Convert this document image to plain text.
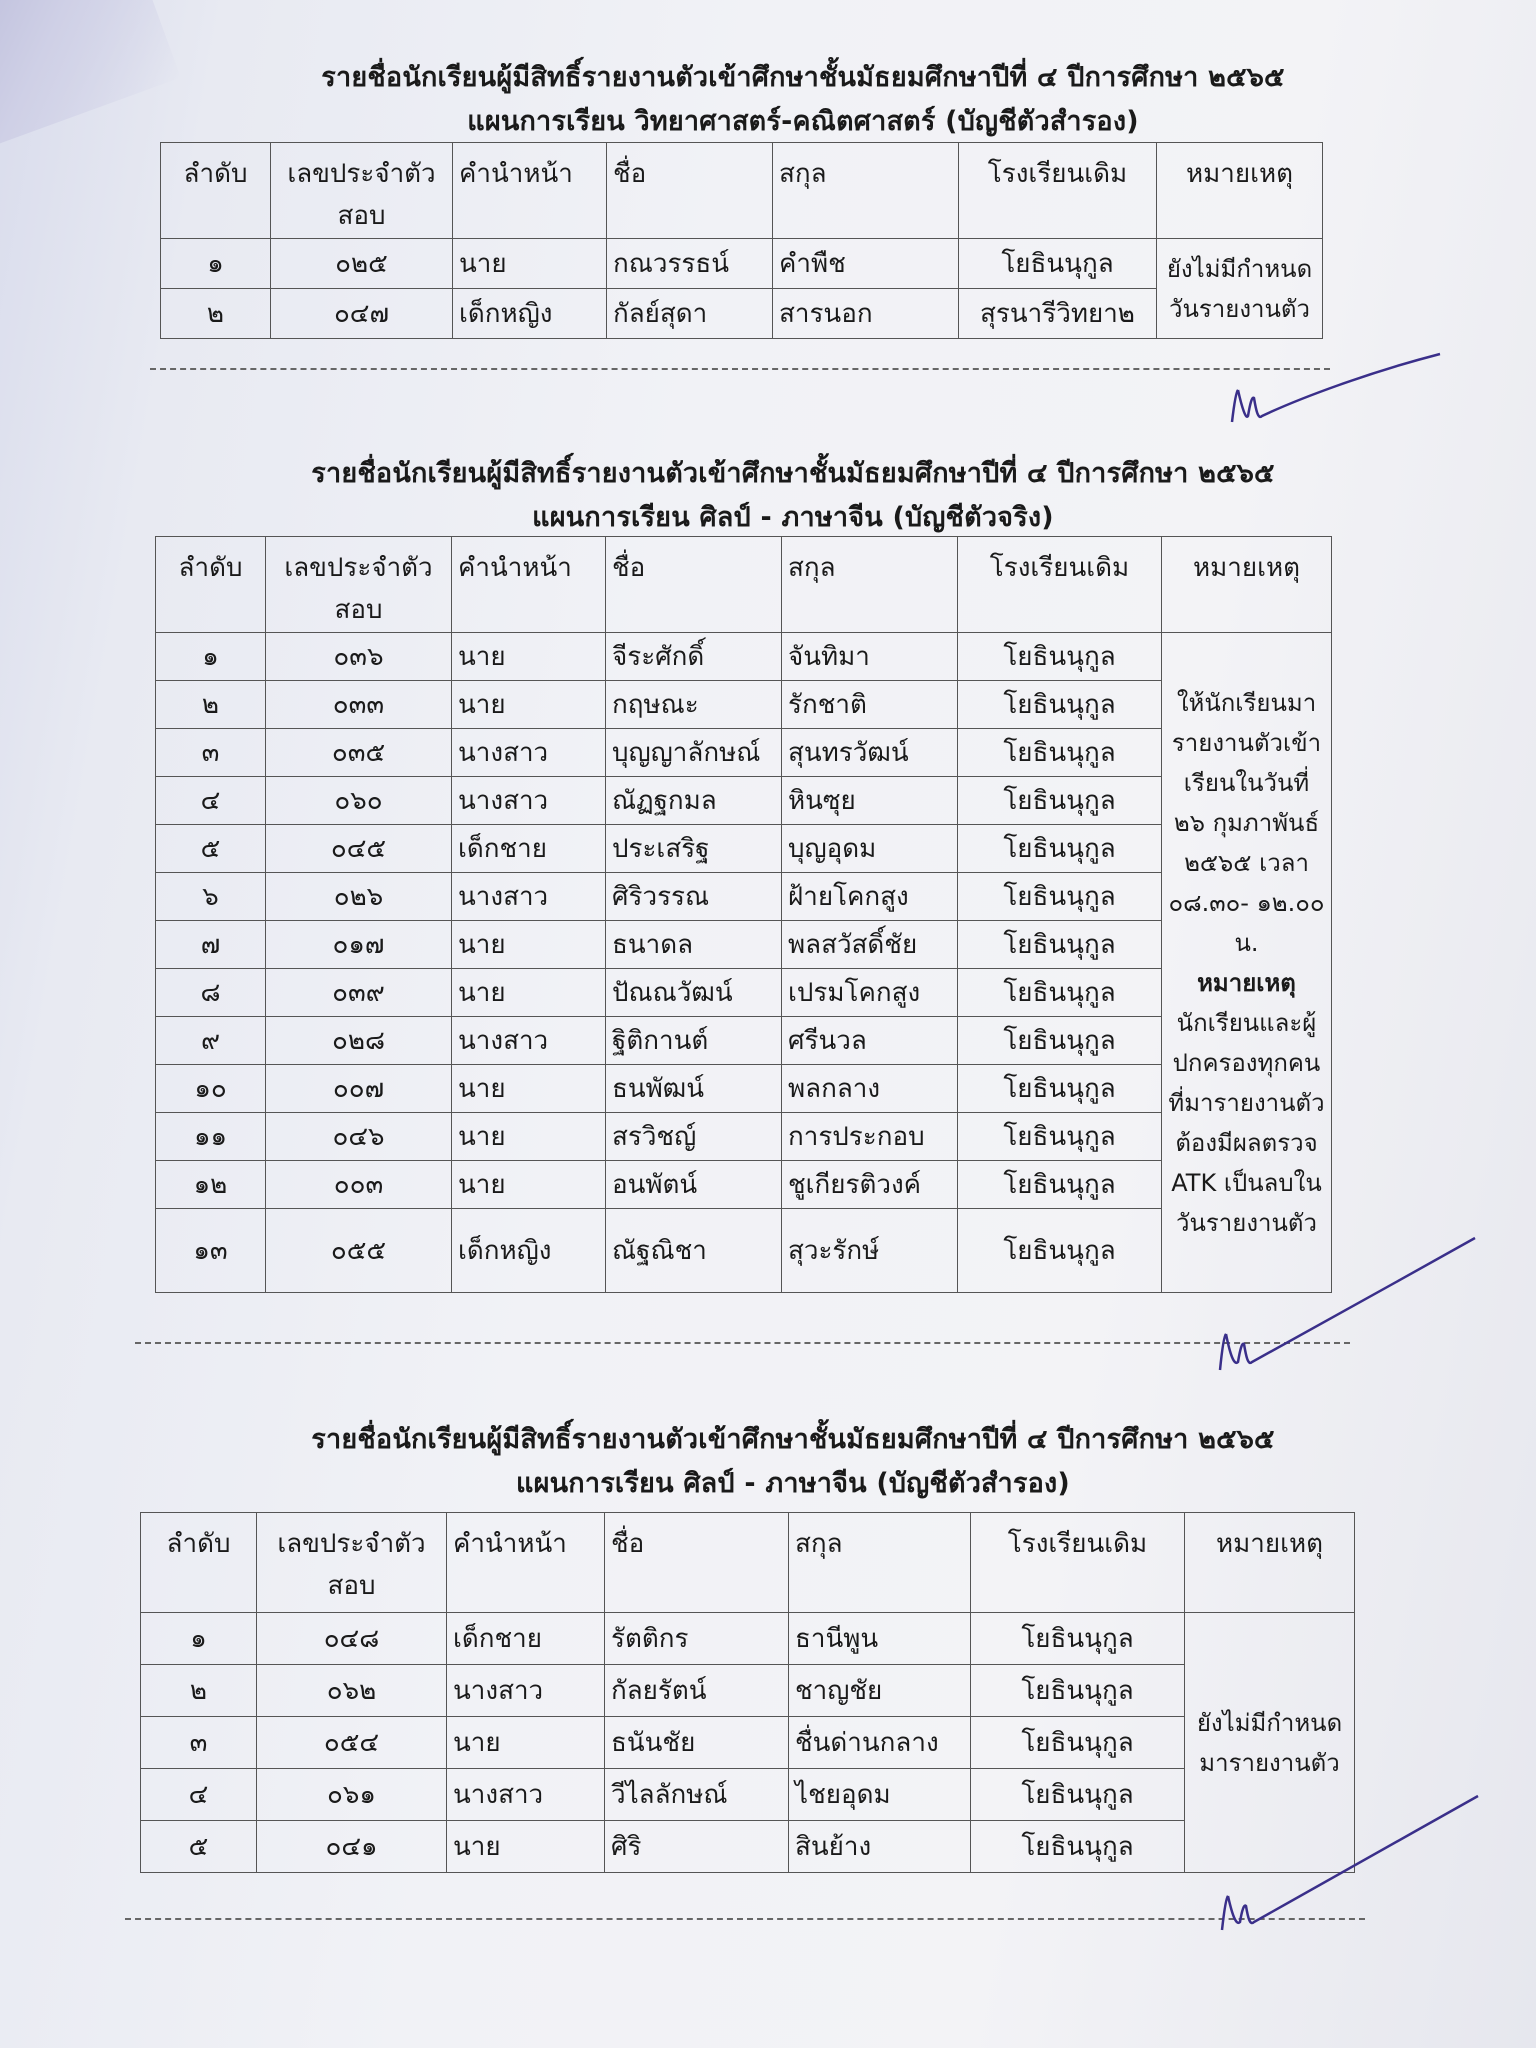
รายชื่อนักเรียนผู้มีสิทธิ์รายงานตัวเข้าศึกษาชั้นมัธยมศึกษาปีที่ ๔ ปีการศึกษา ๒๕๖๕
แผนการเรียน วิทยาศาสตร์-คณิตศาสตร์ (บัญชีตัวสำรอง)
ลำดับ	เลขประจำตัวสอบ	คำนำหน้า	ชื่อ	สกุล	โรงเรียนเดิม	หมายเหตุ
๑	๐๒๕	นาย	กณวรรธน์	คำพืช	โยธินนุกูล	ยังไม่มีกำหนดวันรายงานตัว
๒	๐๔๗	เด็กหญิง	กัลย์สุดา	สารนอก	สุรนารีวิทยา๒	
รายชื่อนักเรียนผู้มีสิทธิ์รายงานตัวเข้าศึกษาชั้นมัธยมศึกษาปีที่ ๔ ปีการศึกษา ๒๕๖๕
แผนการเรียน ศิลป์ - ภาษาจีน (บัญชีตัวจริง)
ลำดับ	เลขประจำตัวสอบ	คำนำหน้า	ชื่อ	สกุล	โรงเรียนเดิม	หมายเหตุ
๑	๐๓๖	นาย	จีระศักดิ์	จันทิมา	โยธินนุกูล	ให้นักเรียนมารายงานตัวเข้าเรียนในวันที่ ๒๖ กุมภาพันธ์ ๒๕๖๕ เวลา ๐๘.๓๐- ๑๒.๐๐ น.
หมายเหตุ
นักเรียนและผู้ปกครองทุกคนที่มารายงานตัวต้องมีผลตรวจ ATK เป็นลบในวันรายงานตัว

๒	๐๓๓	นาย	กฤษณะ	รักชาติ	โยธินนุกูล	
๓	๐๓๕	นางสาว	บุญญาลักษณ์	สุนทรวัฒน์	โยธินนุกูล	
๔	๐๖๐	นางสาว	ณัฏฐกมล	หินซุย	โยธินนุกูล	
๕	๐๔๕	เด็กชาย	ประเสริฐ	บุญอุดม	โยธินนุกูล	
๖	๐๒๖	นางสาว	ศิริวรรณ	ฝ้ายโคกสูง	โยธินนุกูล	
๗	๐๑๗	นาย	ธนาดล	พลสวัสดิ์ชัย	โยธินนุกูล	
๘	๐๓๙	นาย	ปัณณวัฒน์	เปรมโคกสูง	โยธินนุกูล	
๙	๐๒๘	นางสาว	ฐิติกานต์	ศรีนวล	โยธินนุกูล	
๑๐	๐๐๗	นาย	ธนพัฒน์	พลกลาง	โยธินนุกูล	
๑๑	๐๔๖	นาย	สรวิชญ์	การประกอบ	โยธินนุกูล	
๑๒	๐๐๓	นาย	อนพัตน์	ชูเกียรติวงค์	โยธินนุกูล	
๑๓	๐๕๕	เด็กหญิง	ณัฐณิชา	สุวะรักษ์	โยธินนุกูล	
รายชื่อนักเรียนผู้มีสิทธิ์รายงานตัวเข้าศึกษาชั้นมัธยมศึกษาปีที่ ๔ ปีการศึกษา ๒๕๖๕
แผนการเรียน ศิลป์ - ภาษาจีน (บัญชีตัวสำรอง)
ลำดับ	เลขประจำตัวสอบ	คำนำหน้า	ชื่อ	สกุล	โรงเรียนเดิม	หมายเหตุ
๑	๐๔๘	เด็กชาย	รัตติกร	ธานีพูน	โยธินนุกูล	ยังไม่มีกำหนดมารายงานตัว
๒	๐๖๒	นางสาว	กัลยรัตน์	ชาญชัย	โยธินนุกูล	
๓	๐๕๔	นาย	ธนันชัย	ชื่นด่านกลาง	โยธินนุกูล	
๔	๐๖๑	นางสาว	วีไลลักษณ์	ไชยอุดม	โยธินนุกูล	
๕	๐๔๑	นาย	ศิริ	สินย้าง	โยธินนุกูล	
